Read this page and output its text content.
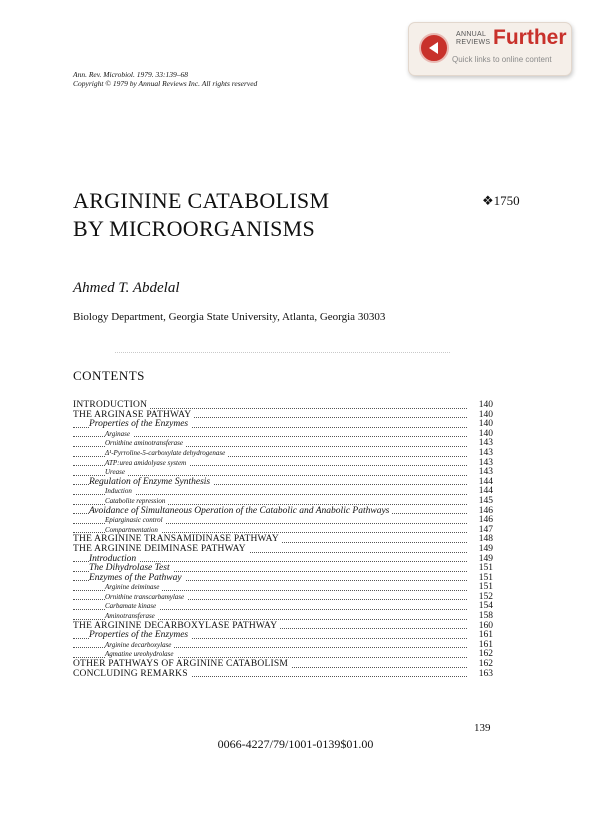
ANNUAL
REVIEWS Further
Quick links to online content
Ann. Rev. Microbiol. 1979. 33:139–68
Copyright © 1979 by Annual Reviews Inc. All rights reserved
ARGININE CATABOLISM
BY MICROORGANISMS
❖1750
Ahmed T. Abdelal
Biology Department, Georgia State University, Atlanta, Georgia 30303
CONTENTS
INTRODUCTION	140
THE ARGINASE PATHWAY	140
Properties of the Enzymes	140
Arginase	140
Ornithine aminotransferase	143
Δ¹-Pyrroline-5-carboxylate dehydrogenase	143
ATP:urea amidolyase system	143
Urease	143
Regulation of Enzyme Synthesis	144
Induction	144
Catabolite repression	145
Avoidance of Simultaneous Operation of the Catabolic and Anabolic Pathways	146
Epiarginasic control	146
Compartmentation	147
THE ARGININE TRANSAMIDINASE PATHWAY	148
THE ARGININE DEIMINASE PATHWAY	149
Introduction	149
The Dihydrolase Test	151
Enzymes of the Pathway	151
Arginine deiminase	151
Ornithine transcarbamylase	152
Carbamate kinase	154
Aminotransferase	158
THE ARGININE DECARBOXYLASE PATHWAY	160
Properties of the Enzymes	161
Arginine decarboxylase	161
Agmatine ureohydrolase	162
OTHER PATHWAYS OF ARGININE CATABOLISM	162
CONCLUDING REMARKS	163
139
0066-4227/79/1001-0139$01.00
